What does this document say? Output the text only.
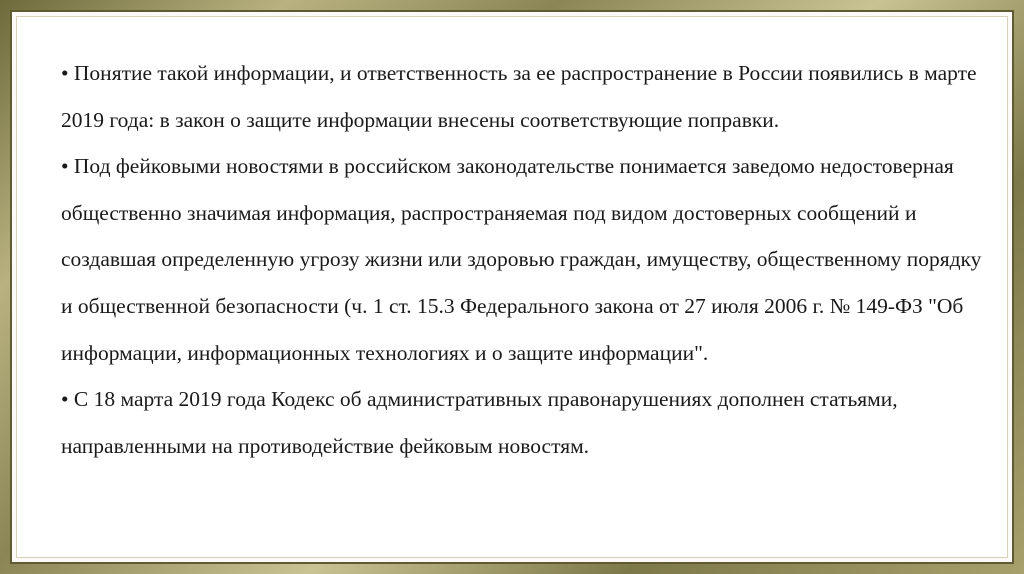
• Понятие такой информации, и ответственность за ее распространение в России появились в марте 2019 года: в закон о защите информации внесены соответствующие поправки.

• Под фейковыми новостями в российском законодательстве понимается заведомо недостоверная общественно значимая информация, распространяемая под видом достоверных сообщений и создавшая определенную угрозу жизни или здоровью граждан, имуществу, общественному порядку и общественной безопасности (ч. 1 ст. 15.3 Федерального закона от 27 июля 2006 г. № 149-ФЗ "Об информации, информационных технологиях и о защите информации".

• С 18 марта 2019 года Кодекс об административных правонарушениях дополнен статьями, направленными на противодействие фейковым новостям.
